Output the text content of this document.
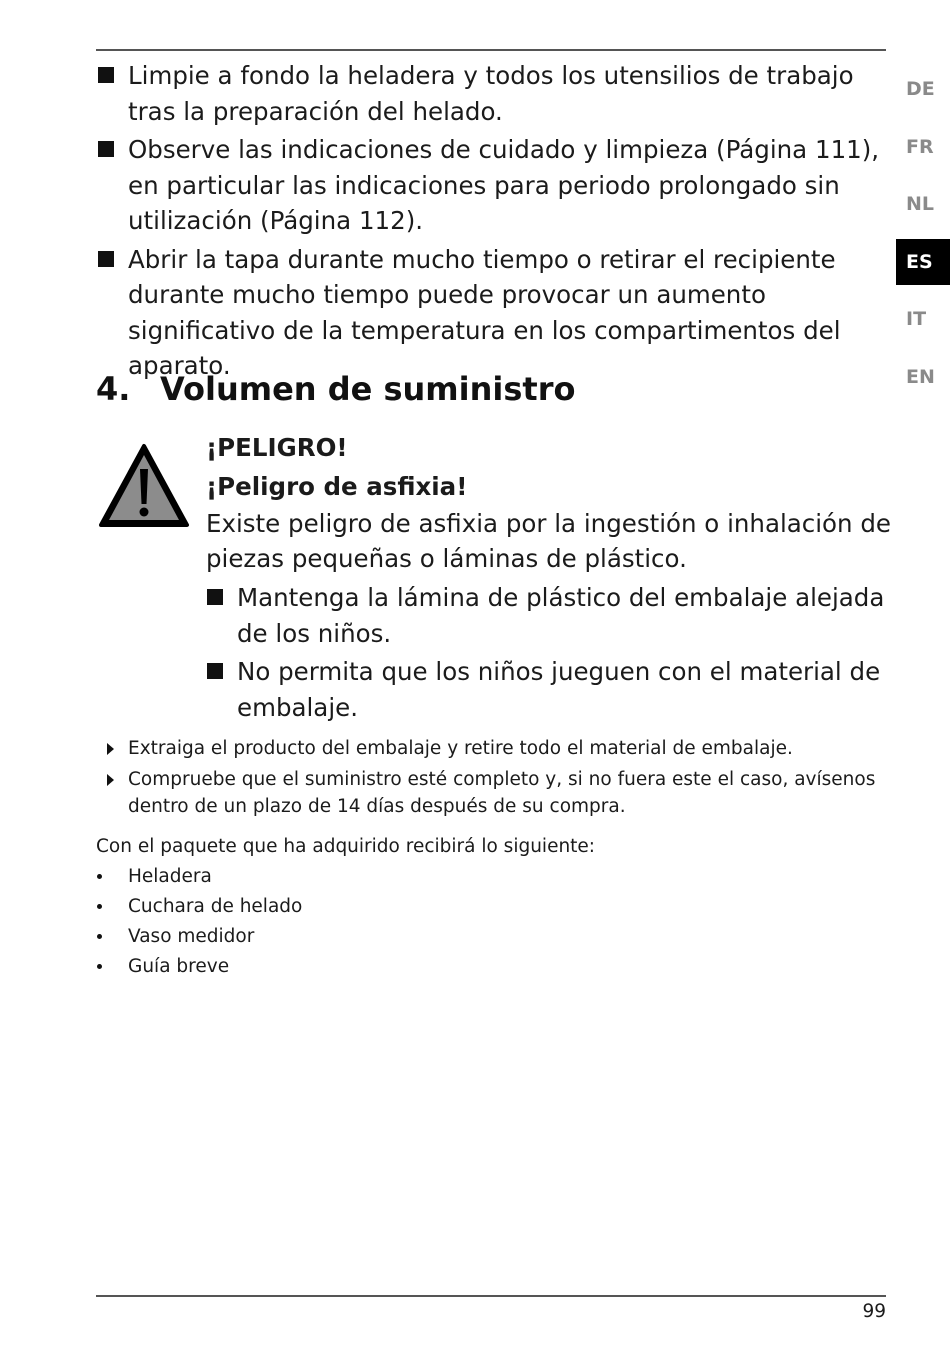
DE
FR
NL
ES
IT
EN
Limpie a fondo la heladera y todos los utensilios de trabajo tras la preparación del helado.
Observe las indicaciones de cuidado y limpieza (Página 111), en particular las indicaciones para periodo prolongado sin utilización (Página 112).
Abrir la tapa durante mucho tiempo o retirar el recipiente durante mucho tiempo puede provocar un aumento significativo de la temperatura en los compartimentos del aparato.
4. Volumen de suministro
¡PELIGRO!
¡Peligro de asfixia!
Existe peligro de asfixia por la ingestión o inhalación de piezas pequeñas o láminas de plástico.
Mantenga la lámina de plástico del embalaje alejada de los niños.
No permita que los niños jueguen con el material de embalaje.
Extraiga el producto del embalaje y retire todo el material de embalaje.
Compruebe que el suministro esté completo y, si no fuera este el caso, avísenos dentro de un plazo de 14 días después de su compra.
Con el paquete que ha adquirido recibirá lo siguiente:
Heladera
Cuchara de helado
Vaso medidor
Guía breve
99
